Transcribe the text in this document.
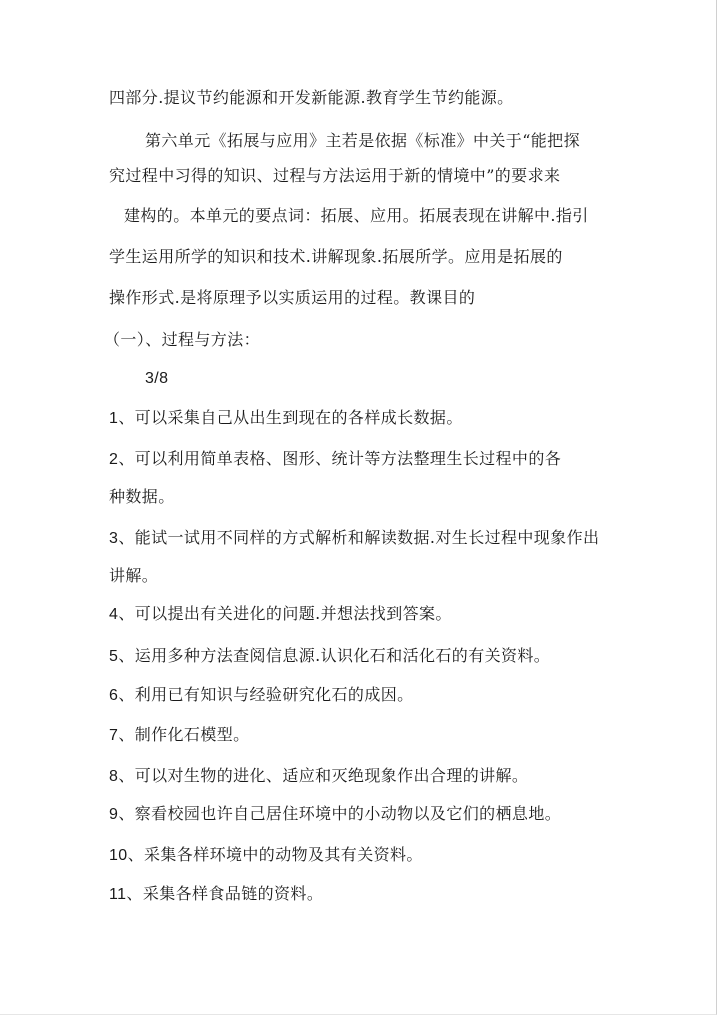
四部分.提议节约能源和开发新能源.教育学生节约能源。
第六单元《拓展与应用》主若是依据《标准》中关于“能把探
究过程中习得的知识、过程与方法运用于新的情境中”的要求来
建构的。本单元的要点词：拓展、应用。拓展表现在讲解中.指引
学生运用所学的知识和技术.讲解现象.拓展所学。应用是拓展的
操作形式.是将原理予以实质运用的过程。教课目的
（一）、过程与方法：
3/8
1、可以采集自己从出生到现在的各样成长数据。
2、可以利用简单表格、图形、统计等方法整理生长过程中的各
种数据。
3、能试一试用不同样的方式解析和解读数据.对生长过程中现象作出
讲解。
4、可以提出有关进化的问题.并想法找到答案。
5、运用多种方法查阅信息源.认识化石和活化石的有关资料。
6、利用已有知识与经验研究化石的成因。
7、制作化石模型。
8、可以对生物的进化、适应和灭绝现象作出合理的讲解。
9、察看校园也许自己居住环境中的小动物以及它们的栖息地。
10、采集各样环境中的动物及其有关资料。
11、采集各样食品链的资料。
